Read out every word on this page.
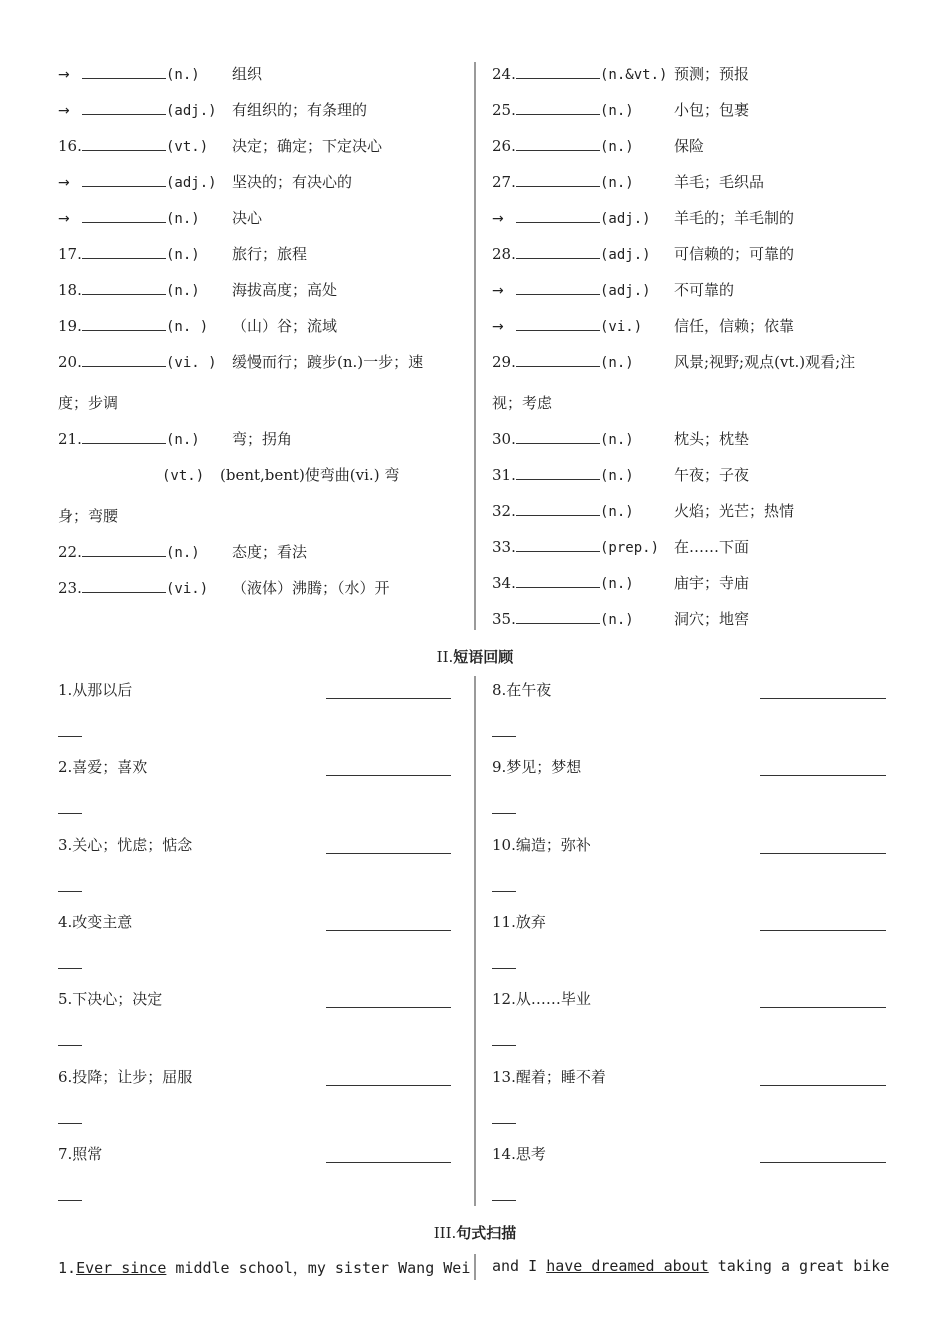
→	(n.) 组织
→	(adj.) 有组织的；有条理的
16.	(vt.) 决定；确定；下定决心
→	(adj.) 坚决的；有决心的
→	(n.) 决心
17.	(n.) 旅行；旅程
18.	(n.) 海拔高度；高处
19.	(n. ) （山）谷；流域
20.	(vi. ) 缓慢而行；踱步(n.)一步；速
度；步调
21.	(n.) 弯；拐角
(vt.) (bent,bent)使弯曲(vi.) 弯
身；弯腰
22.	(n.) 态度；看法
23.	(vi.) （液体）沸腾；（水）开
24.	(n.&vt.) 预测；预报
25.	(n.)	小包；包裹
26.	(n.)	保险
27.	(n.)	羊毛；毛织品
→	(adj.) 羊毛的；羊毛制的
28.	(adj.) 可信赖的；可靠的
→	(adj.) 不可靠的
→	(vi.) 信任，信赖；依靠
29.	(n.)	风景;视野;观点(vt.)观看;注
视；考虑
30.	(n.)	枕头；枕垫
31.	(n.)	午夜；子夜
32.	(n.)	火焰；光芒；热情
33.	(prep.) 在……下面
34.	(n.)	庙宇；寺庙
35.	(n.)	洞穴；地窖
II.短语回顾
1.从那以后
2.喜爱；喜欢
3.关心；忧虑；惦念
4.改变主意
5.下决心；决定
6.投降；让步；屈服
7.照常
8.在午夜
9.梦见；梦想
10.编造；弥补
11.放弃
12.从……毕业
13.醒着；睡不着
14.思考
III.句式扫描
1.Ever since middle school，my sister Wang Wei and I have dreamed about taking a great bike
